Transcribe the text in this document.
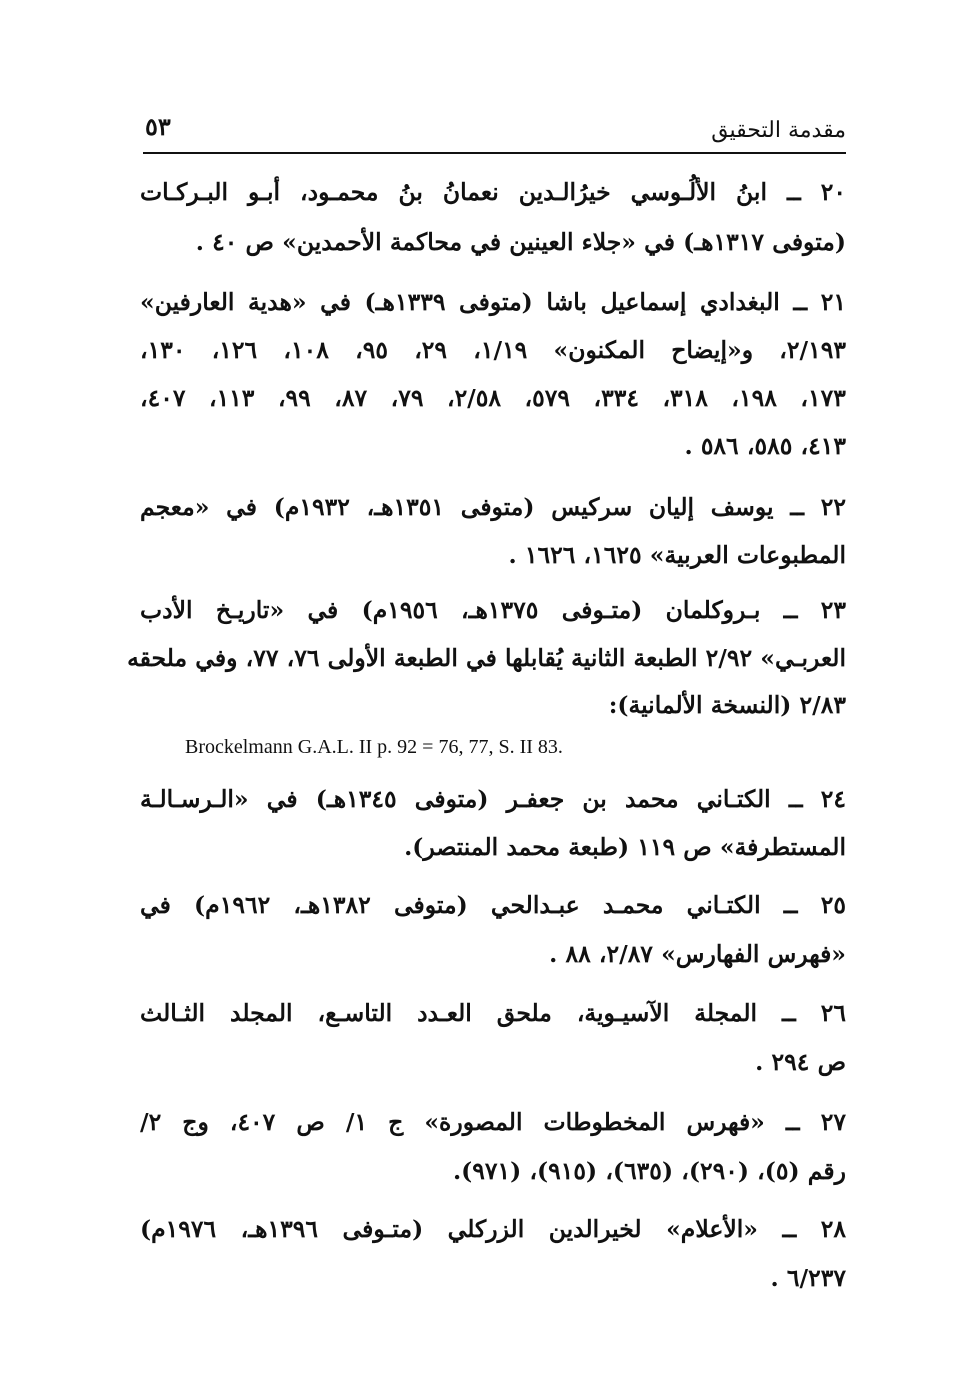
٥٣	مقدمة التحقيق
٢٠ ــ ابنُ الألُـوسي خيرُالـدين نعمانُ بنُ محمـود، أبـو البـركـات
(متوفى ١٣١٧هـ) في «جلاء العينين في محاكمة الأحمدين» ص ٤٠ .
٢١ ــ البغدادي إسماعيل باشا (متوفى ١٣٣٩هـ) في «هدية العارفين»
٢/١٩٣، و«إيضاح المكنون» ١/١٩، ٢٩، ٩٥، ١٠٨، ١٢٦، ١٣٠،
١٧٣، ١٩٨، ٣١٨، ٣٣٤، ٥٧٩، ٢/٥٨، ٧٩، ٨٧، ٩٩، ١١٣، ٤٠٧،
٤١٣، ٥٨٥، ٥٨٦ .
٢٢ ــ يوسف إليان سركيس (متوفى ١٣٥١هـ، ١٩٣٢م) في «معجم
المطبوعات العربية» ١٦٢٥، ١٦٢٦ .
٢٣ ــ بـروكلمان (متـوفى ١٣٧٥هـ، ١٩٥٦م) في «تاريـخ الأدب
العربـي» ٢/٩٢ الطبعة الثانية يُقابلها في الطبعة الأولى ٧٦، ٧٧، وفي ملحقه
٢/٨٣ (النسخة الألمانية):
Brockelmann G.A.L. II p. 92 = 76, 77, S. II 83.
٢٤ ــ الكتـاني محمد بن جعفـر (متوفى ١٣٤٥هـ) في «الـرسـالـة
المستطرفة» ص ١١٩ (طبعة محمد المنتصر).
٢٥ ــ الكتـاني محمـد عبـدالحي (متوفى ١٣٨٢هـ، ١٩٦٢م) في
«فهرس الفهارس» ٢/٨٧، ٨٨ .
٢٦ ــ المجلة الآسيـوية، ملحق العـدد التاسـع، المجلد الثـالث
ص ٢٩٤ .
٢٧ ــ «فهرس المخطوطات المصورة» ج ١/ ص ٤٠٧، وج ٢/
رقم (٥)، (٢٩٠)، (٦٣٥)، (٩١٥)، (٩٧١).
٢٨ ــ «الأعلام» لخيرالدين الزركلي (متـوفى ١٣٩٦هـ، ١٩٧٦م)
٦/٢٣٧ .
